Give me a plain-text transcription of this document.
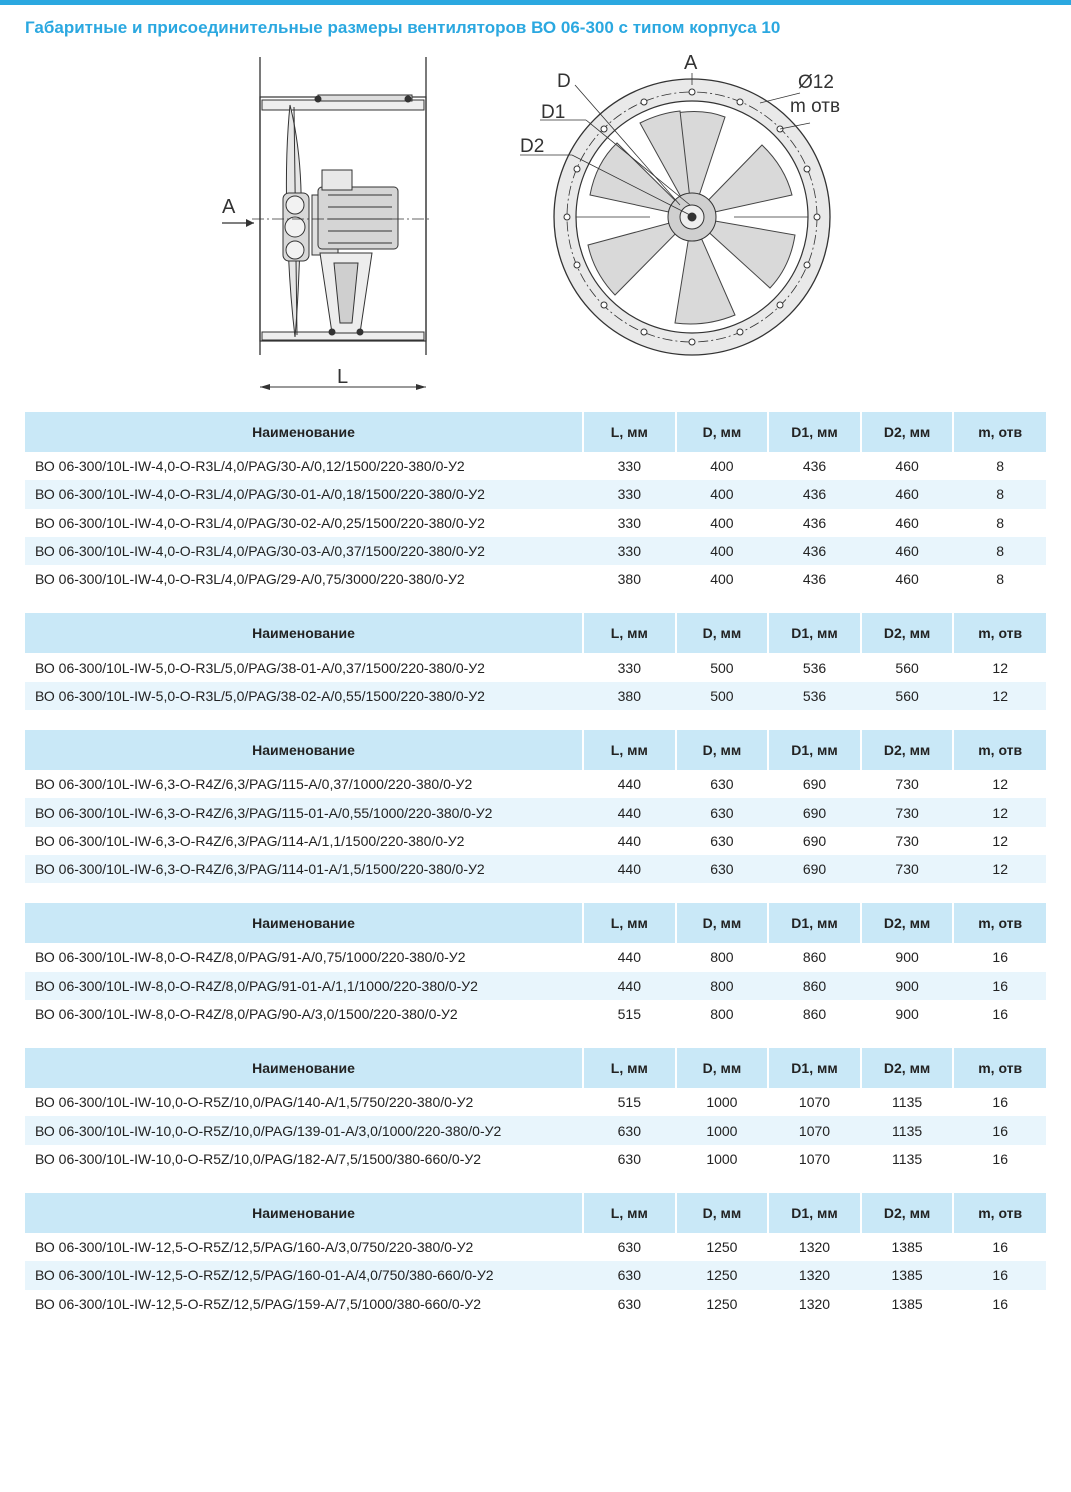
Габаритные и присоединительные размеры вентиляторов ВО 06-300 с типом корпуса 10
А
L
А
D
D1
D2
Ø12
m отв
Наименование	L, мм	D, мм	D1, мм	D2, мм	m, отв
ВО 06-300/10L-IW-4,0-O-R3L/4,0/PAG/30-A/0,12/1500/220-380/0-У2	330	400	436	460	8
ВО 06-300/10L-IW-4,0-O-R3L/4,0/PAG/30-01-A/0,18/1500/220-380/0-У2	330	400	436	460	8
ВО 06-300/10L-IW-4,0-O-R3L/4,0/PAG/30-02-A/0,25/1500/220-380/0-У2	330	400	436	460	8
ВО 06-300/10L-IW-4,0-O-R3L/4,0/PAG/30-03-A/0,37/1500/220-380/0-У2	330	400	436	460	8
ВО 06-300/10L-IW-4,0-O-R3L/4,0/PAG/29-A/0,75/3000/220-380/0-У2	380	400	436	460	8
Наименование	L, мм	D, мм	D1, мм	D2, мм	m, отв
ВО 06-300/10L-IW-5,0-O-R3L/5,0/PAG/38-01-A/0,37/1500/220-380/0-У2	330	500	536	560	12
ВО 06-300/10L-IW-5,0-O-R3L/5,0/PAG/38-02-A/0,55/1500/220-380/0-У2	380	500	536	560	12
Наименование	L, мм	D, мм	D1, мм	D2, мм	m, отв
ВО 06-300/10L-IW-6,3-O-R4Z/6,3/PAG/115-A/0,37/1000/220-380/0-У2	440	630	690	730	12
ВО 06-300/10L-IW-6,3-O-R4Z/6,3/PAG/115-01-A/0,55/1000/220-380/0-У2	440	630	690	730	12
ВО 06-300/10L-IW-6,3-O-R4Z/6,3/PAG/114-A/1,1/1500/220-380/0-У2	440	630	690	730	12
ВО 06-300/10L-IW-6,3-O-R4Z/6,3/PAG/114-01-A/1,5/1500/220-380/0-У2	440	630	690	730	12
Наименование	L, мм	D, мм	D1, мм	D2, мм	m, отв
ВО 06-300/10L-IW-8,0-O-R4Z/8,0/PAG/91-A/0,75/1000/220-380/0-У2	440	800	860	900	16
ВО 06-300/10L-IW-8,0-O-R4Z/8,0/PAG/91-01-A/1,1/1000/220-380/0-У2	440	800	860	900	16
ВО 06-300/10L-IW-8,0-O-R4Z/8,0/PAG/90-A/3,0/1500/220-380/0-У2	515	800	860	900	16
Наименование	L, мм	D, мм	D1, мм	D2, мм	m, отв
ВО 06-300/10L-IW-10,0-O-R5Z/10,0/PAG/140-A/1,5/750/220-380/0-У2	515	1000	1070	1135	16
ВО 06-300/10L-IW-10,0-O-R5Z/10,0/PAG/139-01-A/3,0/1000/220-380/0-У2	630	1000	1070	1135	16
ВО 06-300/10L-IW-10,0-O-R5Z/10,0/PAG/182-A/7,5/1500/380-660/0-У2	630	1000	1070	1135	16
Наименование	L, мм	D, мм	D1, мм	D2, мм	m, отв
ВО 06-300/10L-IW-12,5-O-R5Z/12,5/PAG/160-A/3,0/750/220-380/0-У2	630	1250	1320	1385	16
ВО 06-300/10L-IW-12,5-O-R5Z/12,5/PAG/160-01-A/4,0/750/380-660/0-У2	630	1250	1320	1385	16
ВО 06-300/10L-IW-12,5-O-R5Z/12,5/PAG/159-A/7,5/1000/380-660/0-У2	630	1250	1320	1385	16
